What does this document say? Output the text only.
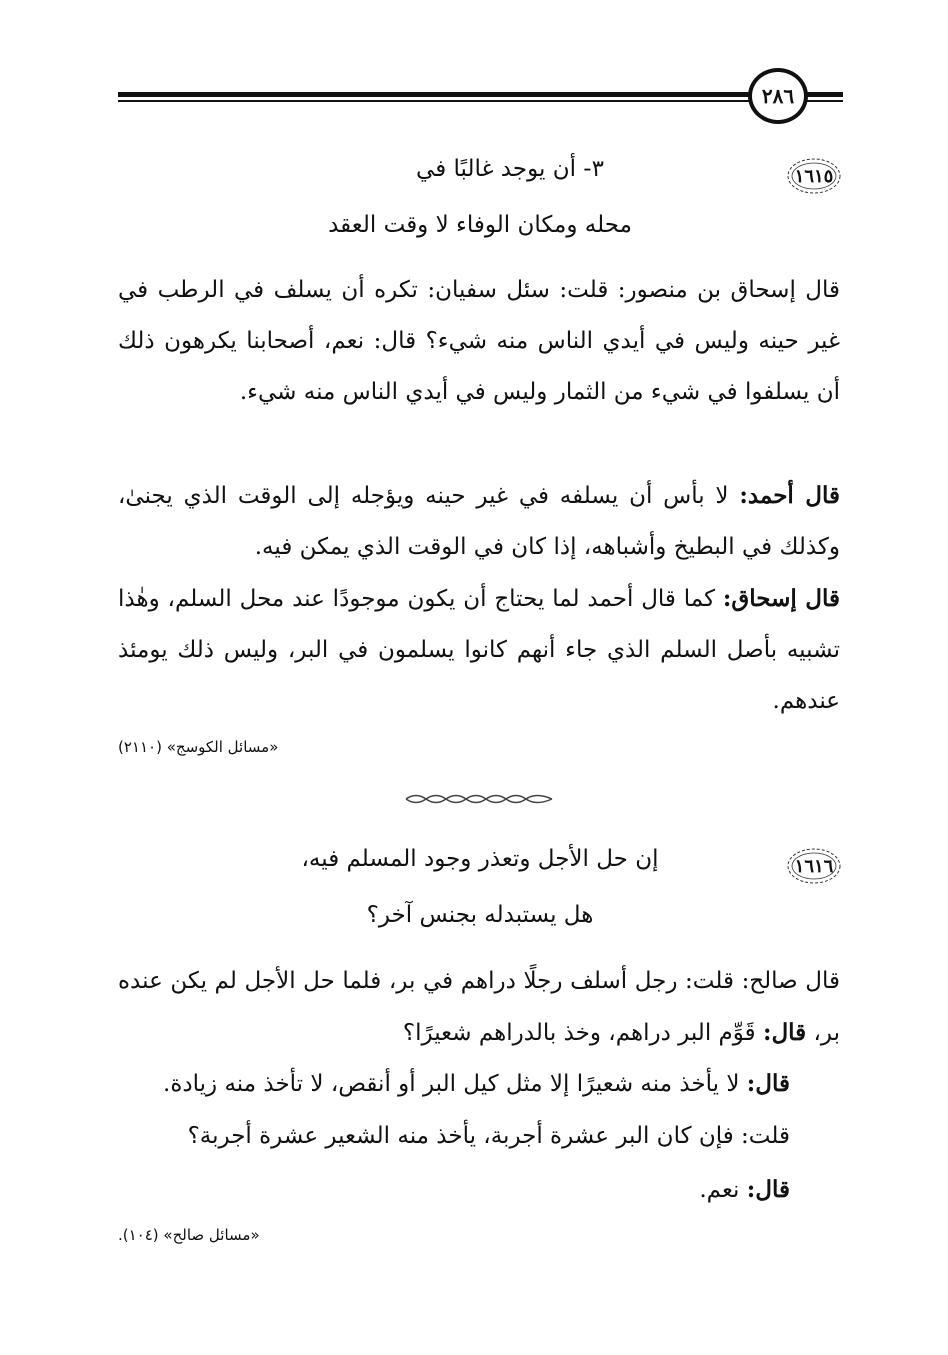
٢٨٦
١٦١٥
٣- أن يوجد غالبًا في
محله ومكان الوفاء لا وقت العقد
قال إسحاق بن منصور: قلت: سئل سفيان: تكره أن يسلف في الرطب في غير حينه وليس في أيدي الناس منه شيء؟ قال: نعم، أصحابنا يكرهون ذلك أن يسلفوا في شيء من الثمار وليس في أيدي الناس منه شيء.
قال أحمد: لا بأس أن يسلفه في غير حينه ويؤجله إلى الوقت الذي يجنىٰ، وكذلك في البطيخ وأشباهه، إذا كان في الوقت الذي يمكن فيه.
قال إسحاق: كما قال أحمد لما يحتاج أن يكون موجودًا عند محل السلم، وهٰذا تشبيه بأصل السلم الذي جاء أنهم كانوا يسلمون في البر، وليس ذلك يومئذ عندهم.
«مسائل الكوسج» (٢١١٠)
١٦١٦
إن حل الأجل وتعذر وجود المسلم فيه،
هل يستبدله بجنس آخر؟
قال صالح: قلت: رجل أسلف رجلًا دراهم في بر، فلما حل الأجل لم يكن عنده بر، قال: قَوِّم البر دراهم، وخذ بالدراهم شعيرًا؟
قال: لا يأخذ منه شعيرًا إلا مثل كيل البر أو أنقص، لا تأخذ منه زيادة.
قلت: فإن كان البر عشرة أجربة، يأخذ منه الشعير عشرة أجربة؟
قال: نعم.
«مسائل صالح» (١٠٤).
